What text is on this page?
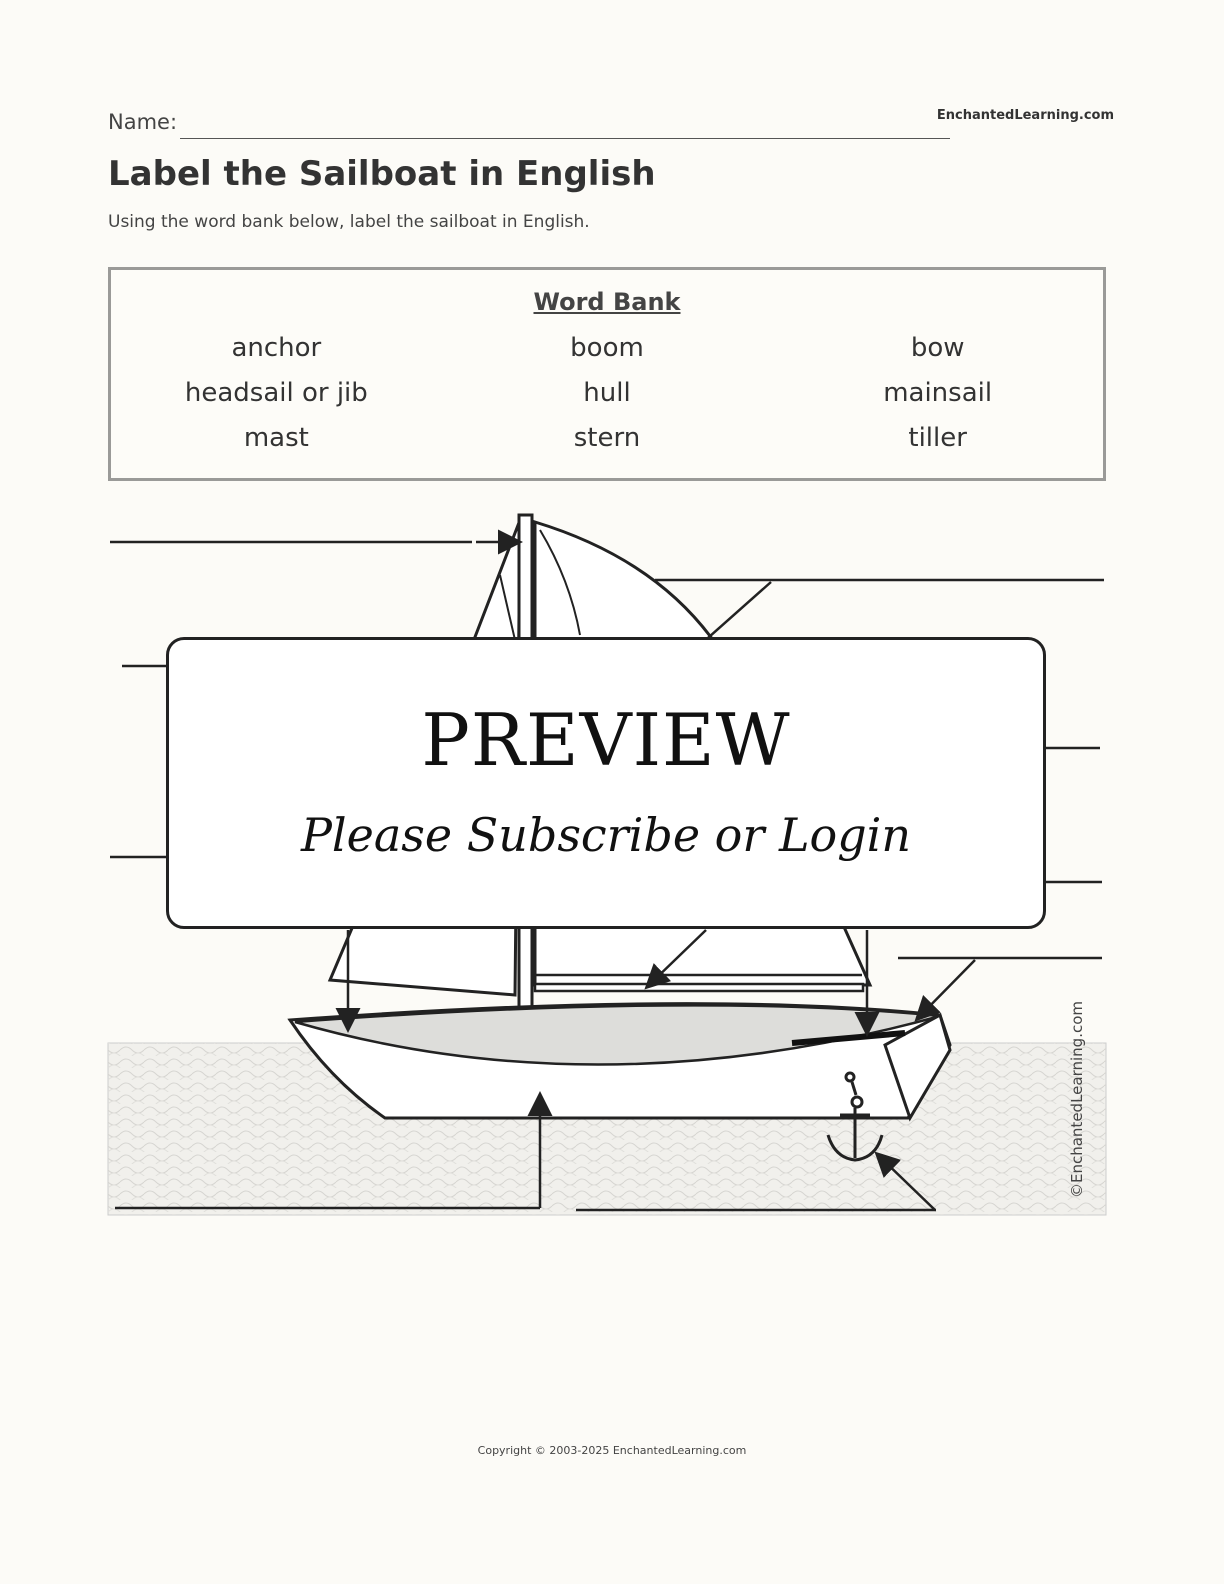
Name:	EnchantedLearning.com
Label the Sailboat in English
Using the word bank below, label the sailboat in English.
Word Bank
anchor	boom	bow
headsail or jib	hull	mainsail
mast	stern	tiller
©EnchantedLearning.com
PREVIEW
Please Subscribe or Login
Copyright © 2003-2025 EnchantedLearning.com
